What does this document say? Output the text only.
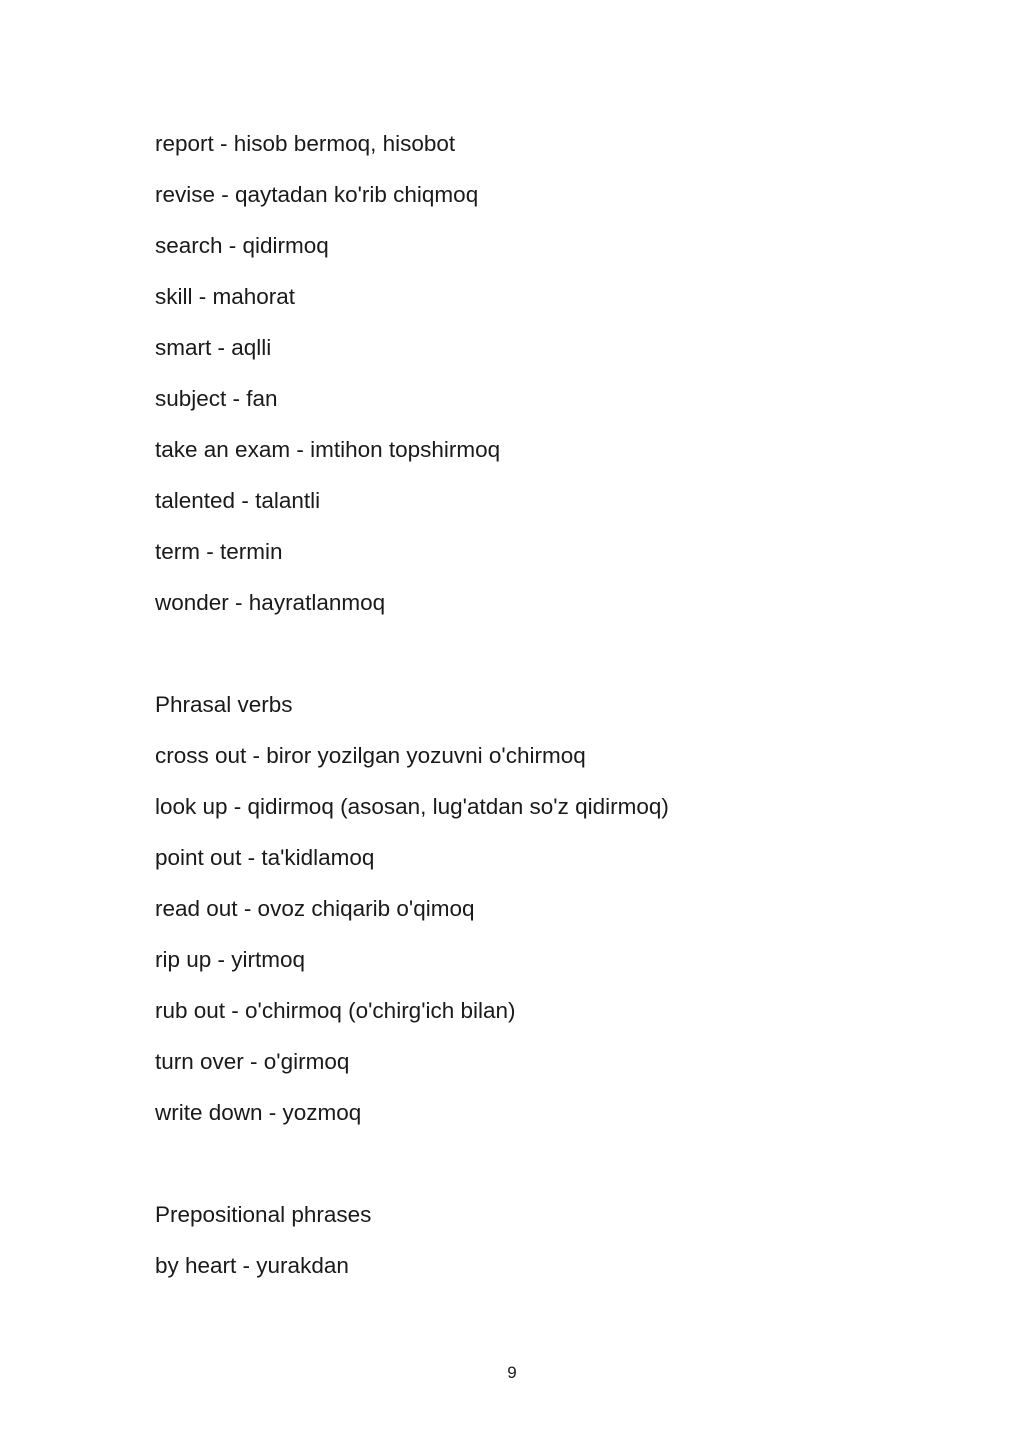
report - hisob bermoq, hisobot
revise - qaytadan ko'rib chiqmoq
search - qidirmoq
skill - mahorat
smart - aqlli
subject - fan
take an exam - imtihon topshirmoq
talented - talantli
term - termin
wonder - hayratlanmoq
Phrasal verbs
cross out - biror yozilgan yozuvni o'chirmoq
look up - qidirmoq (asosan, lug'atdan so'z qidirmoq)
point out - ta'kidlamoq
read out - ovoz chiqarib o'qimoq
rip up - yirtmoq
rub out - o'chirmoq (o'chirg'ich bilan)
turn over - o'girmoq
write down - yozmoq
Prepositional phrases
by heart - yurakdan
9
